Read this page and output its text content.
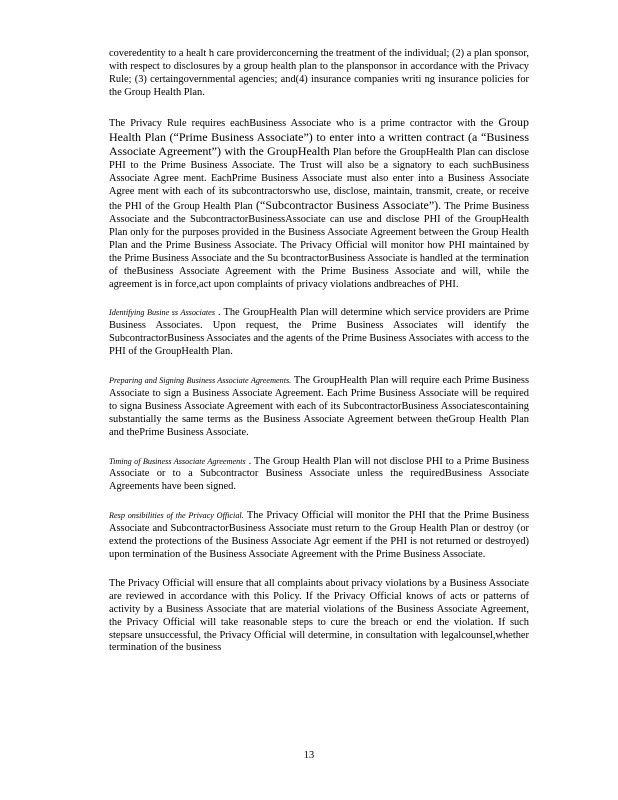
coveredentity to a healt h care providerconcerning the treatment of the individual; (2) a plan sponsor, with respect to disclosures by a group health plan to the plansponsor in accordance with the Privacy Rule; (3) certaingovernmental agencies; and(4) insurance companies writi ng insurance policies for the Group Health Plan.

The Privacy Rule requires eachBusiness Associate who is a prime contractor with the Group Health Plan (“Prime Business Associate”) to enter into a written contract (a “Business Associate Agreement”) with the GroupHealth Plan before the GroupHealth Plan can disclose PHI to the Prime Business Associate. The Trust will also be a signatory to each suchBusiness Associate Agree ment. EachPrime Business Associate must also enter into a Business Associate Agree ment with each of its subcontractorswho use, disclose, maintain, transmit, create, or receive the PHI of the Group Health Plan (“Subcontractor Business Associate”). The Prime Business Associate and the SubcontractorBusinessAssociate can use and disclose PHI of the GroupHealth Plan only for the purposes provided in the Business Associate Agreement between the Group Health Plan and the Prime Business Associate. The Privacy Official will monitor how PHI maintained by the Prime Business Associate and the Su bcontractorBusiness Associate is handled at the termination of theBusiness Associate Agreement with the Prime Business Associate and will, while the agreement is in force,act upon complaints of privacy violations andbreaches of PHI.

Identifying Busine ss Associates . The GroupHealth Plan will determine which service providers are Prime Business Associates. Upon request, the Prime Business Associates will identify the SubcontractorBusiness Associates and the agents of the Prime Business Associates with access to the PHI of the GroupHealth Plan.

Preparing and Signing Business Associate Agreements. The GroupHealth Plan will require each Prime Business Associate to sign a Business Associate Agreement. Each Prime Business Associate will be required to signa Business Associate Agreement with each of its SubcontractorBusiness Associatescontaining substantially the same terms as the Business Associate Agreement between theGroup Health Plan and thePrime Business Associate.

Timing of Business Associate Agreements . The Group Health Plan will not disclose PHI to a Prime Business Associate or to a Subcontractor Business Associate unless the requiredBusiness Associate Agreements have been signed.

Resp onsibilities of the Privacy Official. The Privacy Official will monitor the PHI that the Prime Business Associate and SubcontractorBusiness Associate must return to the Group Health Plan or destroy (or extend the protections of the Business Associate Agr eement if the PHI is not returned or destroyed) upon termination of the Business Associate Agreement with the Prime Business Associate.

The Privacy Official will ensure that all complaints about privacy violations by a Business Associate are reviewed in accordance with this Policy. If the Privacy Official knows of acts or patterns of activity by a Business Associate that are material violations of the Business Associate Agreement, the Privacy Official will take reasonable steps to cure the breach or end the violation. If such stepsare unsuccessful, the Privacy Official will determine, in consultation with legalcounsel,whether termination of the business

13
